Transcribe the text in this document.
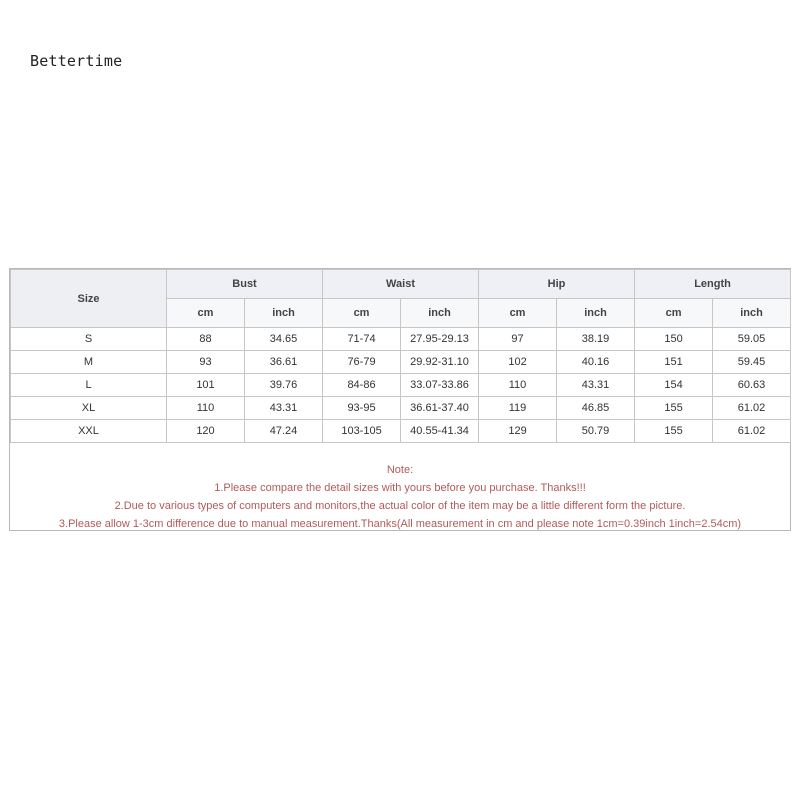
Bettertime
Size	Bust		Waist		Hip		Length	
	cm	inch	cm	inch	cm	inch	cm	inch
S	88	34.65	71-74	27.95-29.13	97	38.19	150	59.05
M	93	36.61	76-79	29.92-31.10	102	40.16	151	59.45
L	101	39.76	84-86	33.07-33.86	110	43.31	154	60.63
XL	110	43.31	93-95	36.61-37.40	119	46.85	155	61.02
XXL	120	47.24	103-105	40.55-41.34	129	50.79	155	61.02
Note:
1.Please compare the detail sizes with yours before you purchase. Thanks!!!
2.Due to various types of computers and monitors,the actual color of the item may be a little different form the picture.
3.Please allow 1-3cm difference due to manual measurement.Thanks(All measurement in cm and please note 1cm=0.39inch 1inch=2.54cm)
